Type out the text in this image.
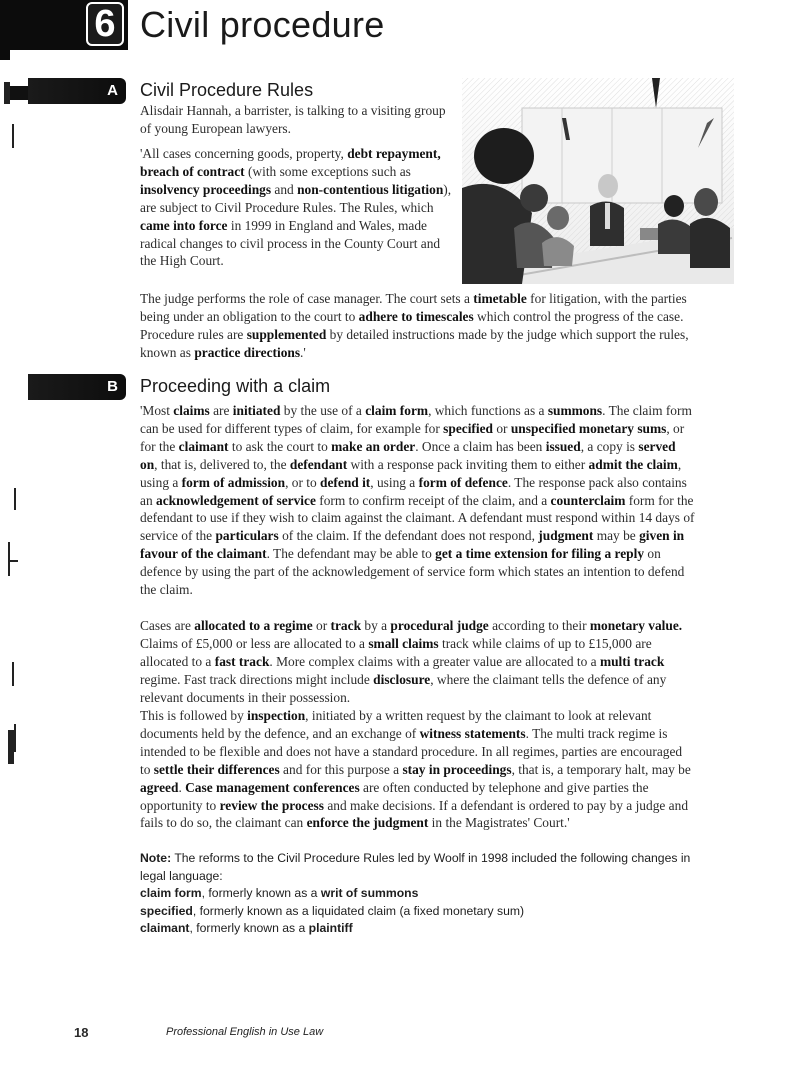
6 Civil procedure
A Civil Procedure Rules
Alisdair Hannah, a barrister, is talking to a visiting group of young European lawyers.
'All cases concerning goods, property, debt repayment, breach of contract (with some exceptions such as insolvency proceedings and non-contentious litigation), are subject to Civil Procedure Rules. The Rules, which came into force in 1999 in England and Wales, made radical changes to civil process in the County Court and the High Court.
The judge performs the role of case manager. The court sets a timetable for litigation, with the parties being under an obligation to the court to adhere to timescales which control the progress of the case. Procedure rules are supplemented by detailed instructions made by the judge which support the rules, known as practice directions.'
B Proceeding with a claim
'Most claims are initiated by the use of a claim form, which functions as a summons. The claim form can be used for different types of claim, for example for specified or unspecified monetary sums, or for the claimant to ask the court to make an order. Once a claim has been issued, a copy is served on, that is, delivered to, the defendant with a response pack inviting them to either admit the claim, using a form of admission, or to defend it, using a form of defence. The response pack also contains an acknowledgement of service form to confirm receipt of the claim, and a counterclaim form for the defendant to use if they wish to claim against the claimant. A defendant must respond within 14 days of service of the particulars of the claim. If the defendant does not respond, judgment may be given in favour of the claimant. The defendant may be able to get a time extension for filing a reply on defence by using the part of the acknowledgement of service form which states an intention to defend the claim.
Cases are allocated to a regime or track by a procedural judge according to their monetary value. Claims of £5,000 or less are allocated to a small claims track while claims of up to £15,000 are allocated to a fast track. More complex claims with a greater value are allocated to a multi track regime. Fast track directions might include disclosure, where the claimant tells the defence of any relevant documents in their possession.
This is followed by inspection, initiated by a written request by the claimant to look at relevant documents held by the defence, and an exchange of witness statements. The multi track regime is intended to be flexible and does not have a standard procedure. In all regimes, parties are encouraged to settle their differences and for this purpose a stay in proceedings, that is, a temporary halt, may be agreed. Case management conferences are often conducted by telephone and give parties the opportunity to review the process and make decisions. If a defendant is ordered to pay by a judge and fails to do so, the claimant can enforce the judgment in the Magistrates' Court.'
Note: The reforms to the Civil Procedure Rules led by Woolf in 1998 included the following changes in legal language:
claim form, formerly known as a writ of summons
specified, formerly known as a liquidated claim (a fixed monetary sum)
claimant, formerly known as a plaintiff
18	Professional English in Use Law
